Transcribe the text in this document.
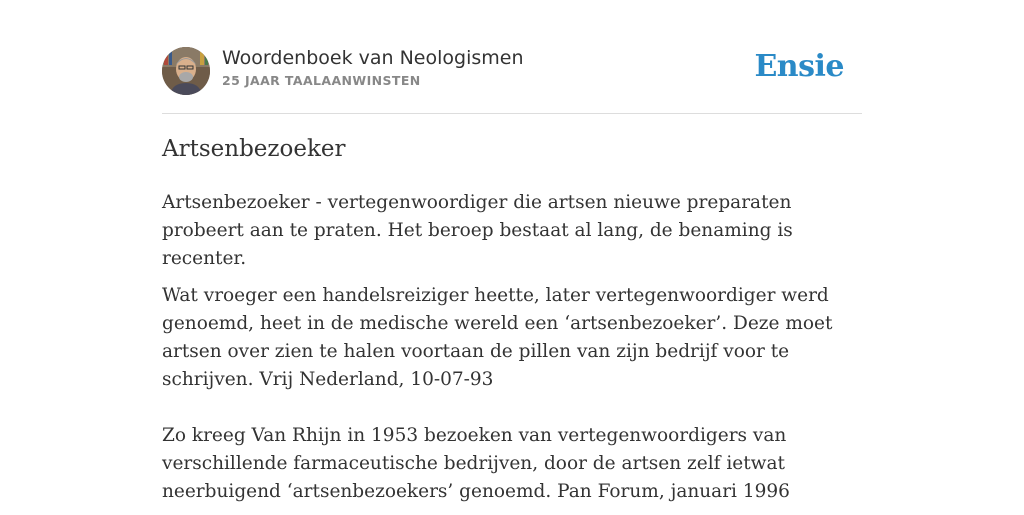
Woordenboek van Neologismen
25 JAAR TAALAANWINSTEN	Ensie
Artsenbezoeker

Artsenbezoeker - vertegenwoordiger die artsen nieuwe preparaten probeert aan te praten. Het beroep bestaat al lang, de benaming is recenter.

Wat vroeger een handelsreiziger heette, later vertegenwoordiger werd genoemd, heet in de medische wereld een ‘artsenbezoeker’. Deze moet artsen over zien te halen voortaan de pillen van zijn bedrijf voor te schrijven. Vrij Nederland, 10-07-93

Zo kreeg Van Rhijn in 1953 bezoeken van vertegenwoordigers van verschillende farmaceutische bedrijven, door de artsen zelf ietwat neerbuigend ‘artsenbezoekers’ genoemd. Pan Forum, januari 1996
